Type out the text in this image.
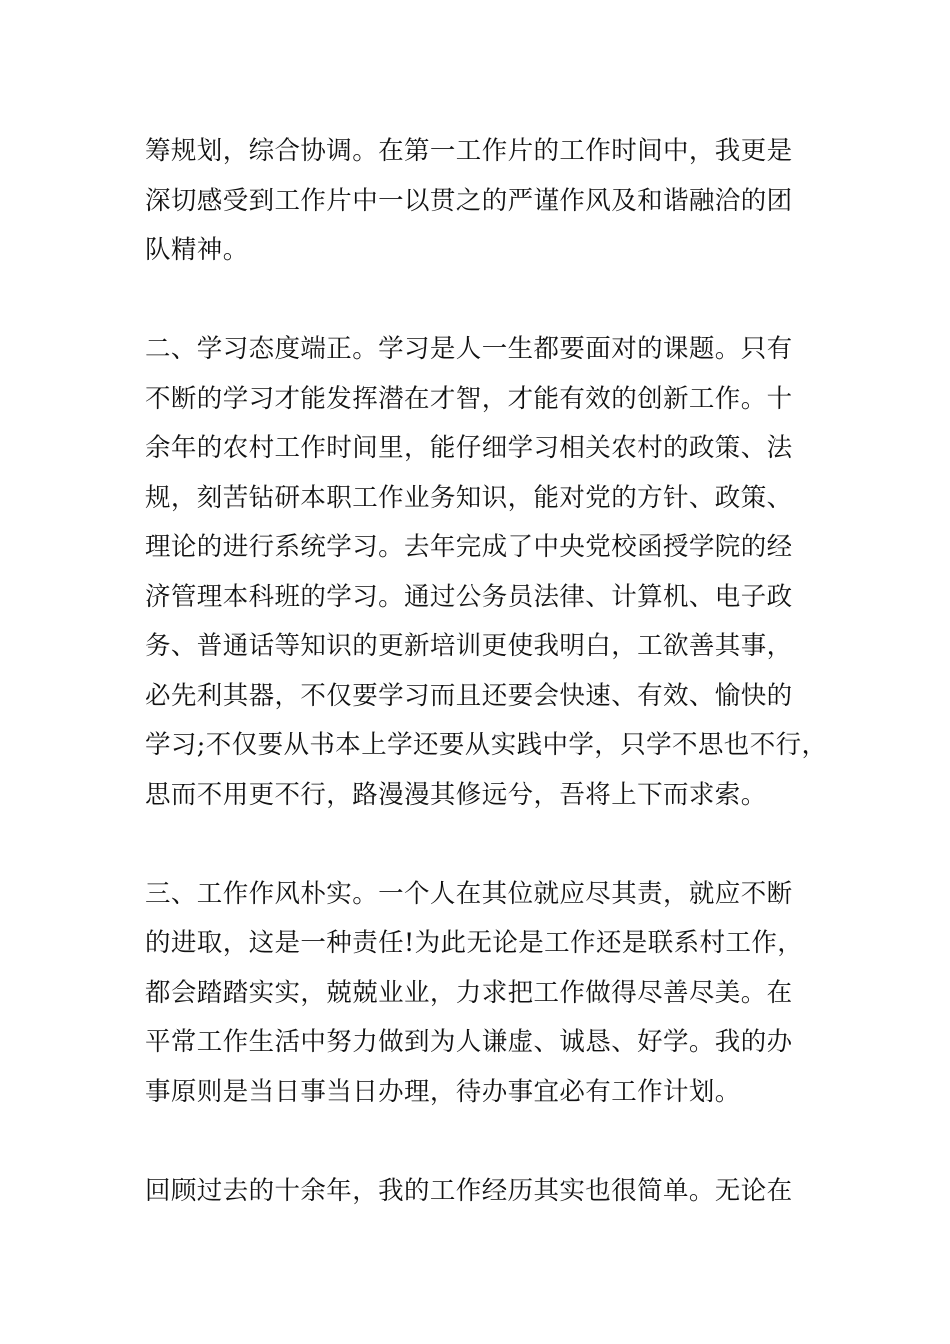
筹规划，综合协调。在第一工作片的工作时间中，我更是
深切感受到工作片中一以贯之的严谨作风及和谐融洽的团
队精神。
二、学习态度端正。学习是人一生都要面对的课题。只有
不断的学习才能发挥潜在才智，才能有效的创新工作。十
余年的农村工作时间里，能仔细学习相关农村的政策、法
规，刻苦钻研本职工作业务知识，能对党的方针、政策、
理论的进行系统学习。去年完成了中央党校函授学院的经
济管理本科班的学习。通过公务员法律、计算机、电子政
务、普通话等知识的更新培训更使我明白，工欲善其事，
必先利其器，不仅要学习而且还要会快速、有效、愉快的
学习;不仅要从书本上学还要从实践中学，只学不思也不行，
思而不用更不行，路漫漫其修远兮，吾将上下而求索。
三、工作作风朴实。一个人在其位就应尽其责，就应不断
的进取，这是一种责任!为此无论是工作还是联系村工作，
都会踏踏实实，兢兢业业，力求把工作做得尽善尽美。在
平常工作生活中努力做到为人谦虚、诚恳、好学。我的办
事原则是当日事当日办理，待办事宜必有工作计划。
回顾过去的十余年，我的工作经历其实也很简单。无论在
